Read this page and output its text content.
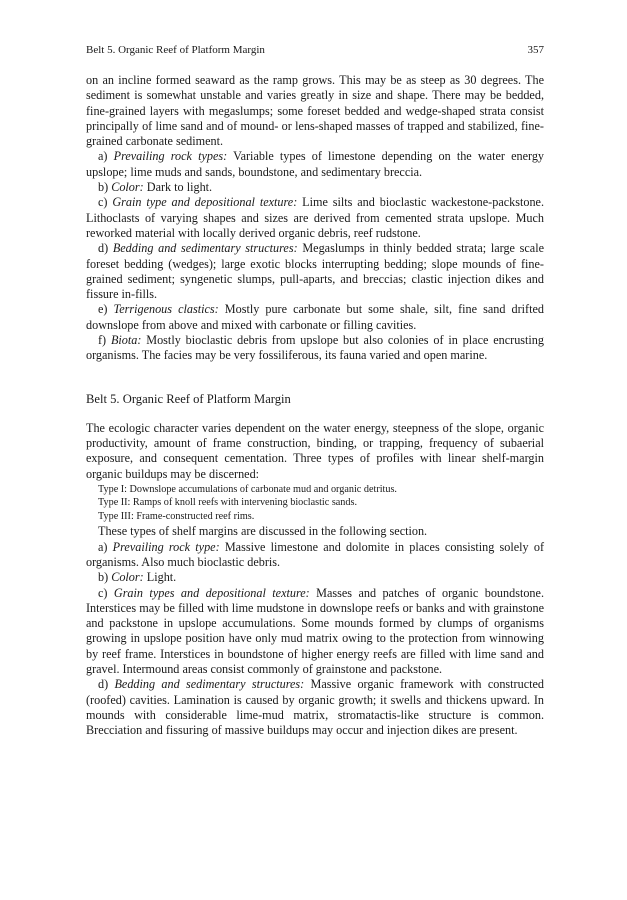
Belt 5. Organic Reef of Platform Margin	357

on an incline formed seaward as the ramp grows. This may be as steep as 30 degrees. The sediment is somewhat unstable and varies greatly in size and shape. There may be bedded, fine-grained layers with megaslumps; some foreset bedded and wedge-shaped strata consist principally of lime sand and of mound- or lens-shaped masses of trapped and stabilized, fine-grained carbonate sediment.

a) Prevailing rock types: Variable types of limestone depending on the water energy upslope; lime muds and sands, boundstone, and sedimentary breccia.

b) Color: Dark to light.

c) Grain type and depositional texture: Lime silts and bioclastic wackestone-packstone. Lithoclasts of varying shapes and sizes are derived from cemented strata upslope. Much reworked material with locally derived organic debris, reef rudstone.

d) Bedding and sedimentary structures: Megaslumps in thinly bedded strata; large scale foreset bedding (wedges); large exotic blocks interrupting bedding; slope mounds of fine-grained sediment; syngenetic slumps, pull-aparts, and breccias; clastic injection dikes and fissure in-fills.

e) Terrigenous clastics: Mostly pure carbonate but some shale, silt, fine sand drifted downslope from above and mixed with carbonate or filling cavities.

f) Biota: Mostly bioclastic debris from upslope but also colonies of in place encrusting organisms. The facies may be very fossiliferous, its fauna varied and open marine.

Belt 5. Organic Reef of Platform Margin

The ecologic character varies dependent on the water energy, steepness of the slope, organic productivity, amount of frame construction, binding, or trapping, frequency of subaerial exposure, and consequent cementation. Three types of profiles with linear shelf-margin organic buildups may be discerned:

Type I: Downslope accumulations of carbonate mud and organic detritus.
Type II: Ramps of knoll reefs with intervening bioclastic sands.
Type III: Frame-constructed reef rims.

These types of shelf margins are discussed in the following section.

a) Prevailing rock type: Massive limestone and dolomite in places consisting solely of organisms. Also much bioclastic debris.

b) Color: Light.

c) Grain types and depositional texture: Masses and patches of organic boundstone. Interstices may be filled with lime mudstone in downslope reefs or banks and with grainstone and packstone in upslope accumulations. Some mounds formed by clumps of organisms growing in upslope position have only mud matrix owing to the protection from winnowing by reef frame. Interstices in boundstone of higher energy reefs are filled with lime sand and gravel. Intermound areas consist commonly of grainstone and packstone.

d) Bedding and sedimentary structures: Massive organic framework with constructed (roofed) cavities. Lamination is caused by organic growth; it swells and thickens upward. In mounds with considerable lime-mud matrix, stromatactis-like structure is common. Brecciation and fissuring of massive buildups may occur and injection dikes are present.
